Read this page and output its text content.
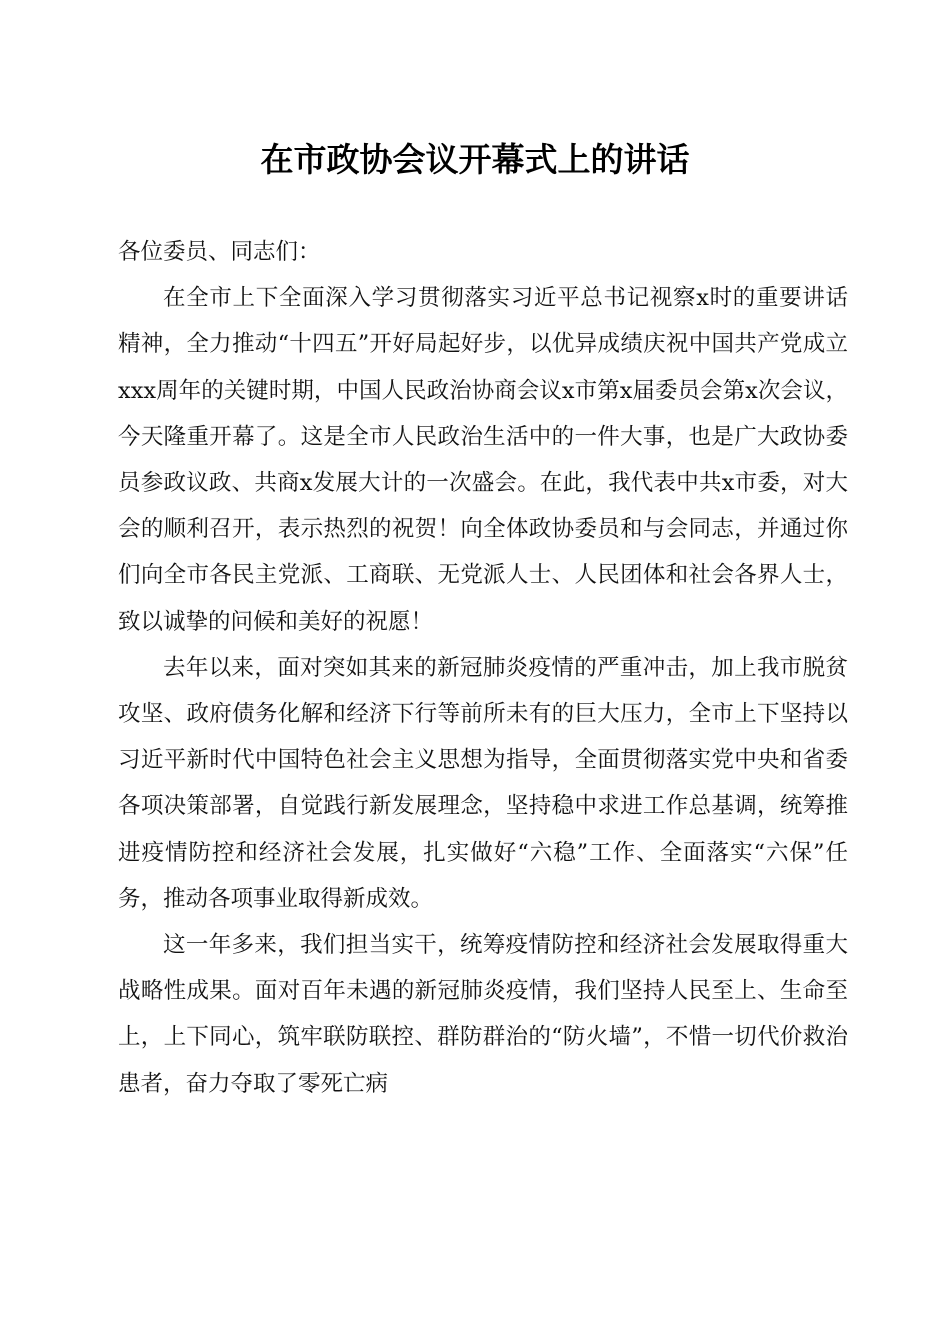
在市政协会议开幕式上的讲话

各位委员、同志们：

在全市上下全面深入学习贯彻落实习近平总书记视察x时的重要讲话精神，全力推动“十四五”开好局起好步，以优异成绩庆祝中国共产党成立xxx周年的关键时期，中国人民政治协商会议x市第x届委员会第x次会议，今天隆重开幕了。这是全市人民政治生活中的一件大事，也是广大政协委员参政议政、共商x发展大计的一次盛会。在此，我代表中共x市委，对大会的顺利召开，表示热烈的祝贺！向全体政协委员和与会同志，并通过你们向全市各民主党派、工商联、无党派人士、人民团体和社会各界人士，致以诚挚的问候和美好的祝愿！

去年以来，面对突如其来的新冠肺炎疫情的严重冲击，加上我市脱贫攻坚、政府债务化解和经济下行等前所未有的巨大压力，全市上下坚持以习近平新时代中国特色社会主义思想为指导，全面贯彻落实党中央和省委各项决策部署，自觉践行新发展理念，坚持稳中求进工作总基调，统筹推进疫情防控和经济社会发展，扎实做好“六稳”工作、全面落实“六保”任务，推动各项事业取得新成效。

这一年多来，我们担当实干，统筹疫情防控和经济社会发展取得重大战略性成果。面对百年未遇的新冠肺炎疫情，我们坚持人民至上、生命至上，上下同心，筑牢联防联控、群防群治的“防火墙”，不惜一切代价救治患者，奋力夺取了零死亡病
